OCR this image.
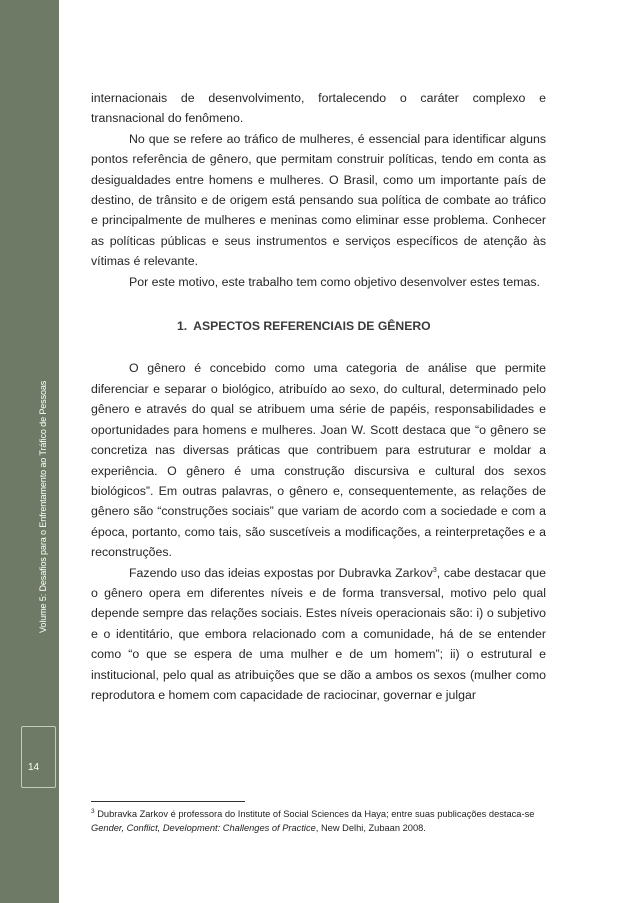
Volume 5: Desafios para o Enfrentamento ao Tráfico de Pessoas
14

internacionais de desenvolvimento, fortalecendo o caráter complexo e transnacional do fenômeno.

No que se refere ao tráfico de mulheres, é essencial para identificar alguns pontos referência de gênero, que permitam construir políticas, tendo em conta as desigualdades entre homens e mulheres. O Brasil, como um importante país de destino, de trânsito e de origem está pensando sua política de combate ao tráfico e principalmente de mulheres e meninas como eliminar esse problema. Conhecer as políticas públicas e seus instrumentos e serviços específicos de atenção às vítimas é relevante.

Por este motivo, este trabalho tem como objetivo desenvolver estes temas.

1. ASPECTOS REFERENCIAIS DE GÊNERO

O gênero é concebido como uma categoria de análise que permite diferenciar e separar o biológico, atribuído ao sexo, do cultural, determinado pelo gênero e através do qual se atribuem uma série de papéis, responsabilidades e oportunidades para homens e mulheres. Joan W. Scott destaca que “o gênero se concretiza nas diversas práticas que contribuem para estruturar e moldar a experiência. O gênero é uma construção discursiva e cultural dos sexos biológicos”. Em outras palavras, o gênero e, consequentemente, as relações de gênero são “construções sociais” que variam de acordo com a sociedade e com a época, portanto, como tais, são suscetíveis a modificações, a reinterpretações e a reconstruções.

Fazendo uso das ideias expostas por Dubravka Zarkov$^3$, cabe destacar que o gênero opera em diferentes níveis e de forma transversal, motivo pelo qual depende sempre das relações sociais. Estes níveis operacionais são: i) o subjetivo e o identitário, que embora relacionado com a comunidade, há de se entender como “o que se espera de uma mulher e de um homem”; ii) o estrutural e institucional, pelo qual as atribuições que se dão a ambos os sexos (mulher como reprodutora e homem com capacidade de raciocinar, governar e julgar

$^3$ Dubravka Zarkov é professora do Institute of Social Sciences da Haya; entre suas publicações destaca-se Gender, Conflict, Development: Challenges of Practice, New Delhi, Zubaan 2008.
